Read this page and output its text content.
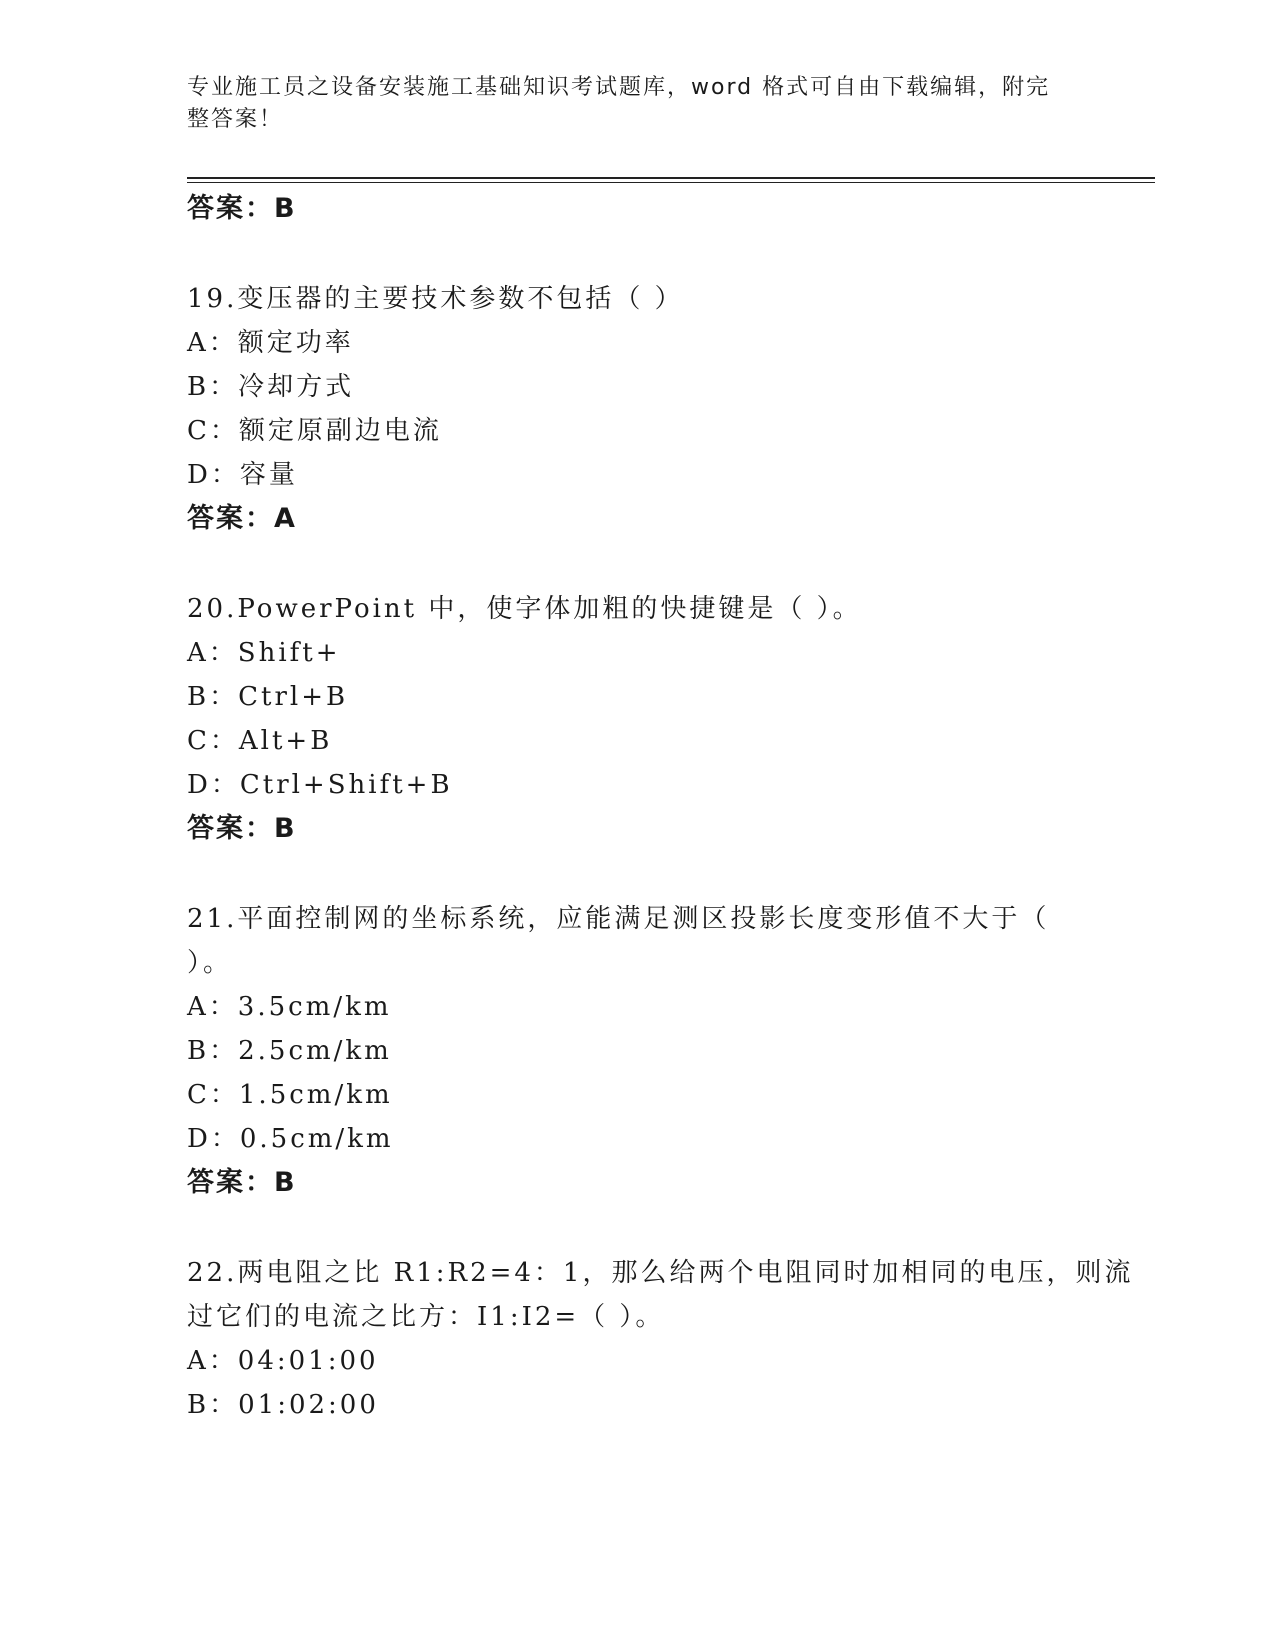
专业施工员之设备安装施工基础知识考试题库，word 格式可自由下载编辑，附完
整答案！
答案：B
19.变压器的主要技术参数不包括（ ）
A：额定功率
B：冷却方式
C：额定原副边电流
D：容量
答案：A
20.PowerPoint 中，使字体加粗的快捷键是（ ）。
A：Shift+
B：Ctrl+B
C：Alt+B
D：Ctrl+Shift+B
答案：B
21.平面控制网的坐标系统，应能满足测区投影长度变形值不大于（
）。
A：3.5cm/km
B：2.5cm/km
C：1.5cm/km
D：0.5cm/km
答案：B
22.两电阻之比 R1:R2=4：1，那么给两个电阻同时加相同的电压，则流
过它们的电流之比方：I1:I2=（ ）。
A：04:01:00
B：01:02:00
